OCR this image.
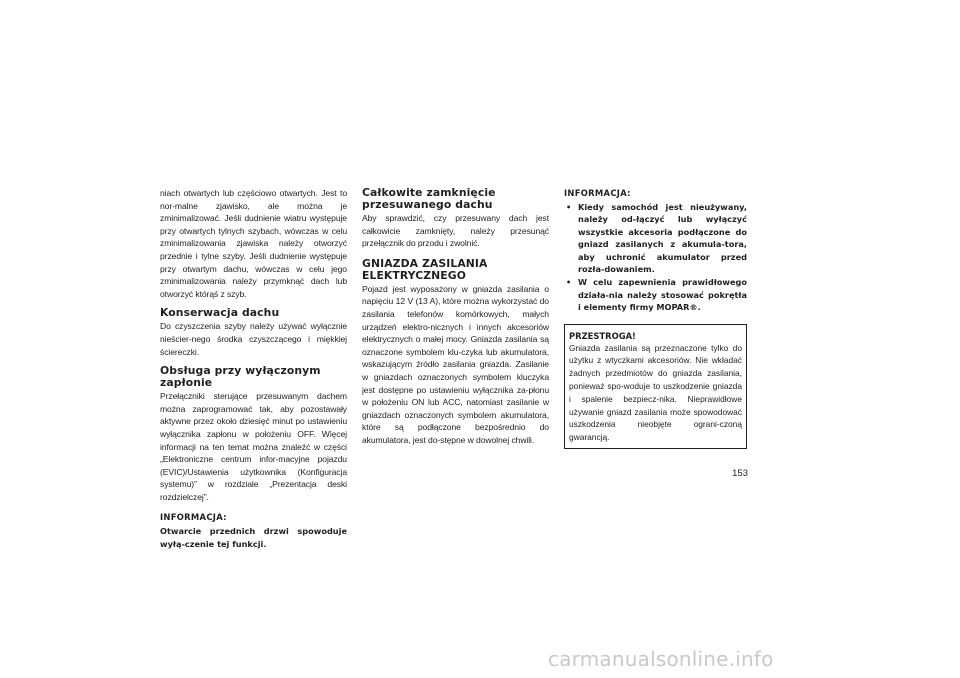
niach otwartych lub częściowo otwartych. Jest to nor-malne zjawisko, ale można je zminimalizować. Jeśli dudnienie wiatru występuje przy otwartych tylnych szybach, wówczas w celu zminimalizowania zjawiska należy otworzyć przednie i tylne szyby. Jeśli dudnienie występuje przy otwartym dachu, wówczas w celu jego zminimalizowania należy przymknąć dach lub otworzyć którąś z szyb.

Konserwacja dachu

Do czyszczenia szyby należy używać wyłącznie nieścier-nego środka czyszczącego i miękkiej ściereczki.

Obsługa przy wyłączonym zapłonie

Przełączniki sterujące przesuwanym dachem można zaprogramować tak, aby pozostawały aktywne przez około dziesięć minut po ustawieniu wyłącznika zapłonu w położeniu OFF. Więcej informacji na ten temat można znaleźć w części „Elektroniczne centrum infor-macyjne pojazdu (EVIC)/Ustawienia użytkownika (Konfiguracja systemu)” w rozdziale „Prezentacja deski rozdzielczej”.

INFORMACJA:

Otwarcie przednich drzwi spowoduje wyłą-czenie tej funkcji.

Całkowite zamknięcie przesuwanego dachu

Aby sprawdzić, czy przesuwany dach jest całkowicie zamknięty, należy przesunąć przełącznik do przodu i zwolnić.

GNIAZDA ZASILANIA ELEKTRYCZNEGO

Pojazd jest wyposażony w gniazda zasilania o napięciu 12 V (13 A), które można wykorzystać do zasilania telefonów komórkowych, małych urządzeń elektro-nicznych i innych akcesoriów elektrycznych o małej mocy. Gniazda zasilania są oznaczone symbolem klu-czyka lub akumulatora, wskazującym źródło zasilania gniazda. Zasilanie w gniazdach oznaczonych symbolem kluczyka jest dostępne po ustawieniu wyłącznika za-płonu w położeniu ON lub ACC, natomiast zasilanie w gniazdach oznaczonych symbolem akumulatora, które są podłączone bezpośrednio do akumulatora, jest do-stępne w dowolnej chwili.

INFORMACJA:
• Kiedy samochód jest nieużywany, należy od-łączyć lub wyłączyć wszystkie akcesoria podłączone do gniazd zasilanych z akumula-tora, aby uchronić akumulator przed rozła-dowaniem.
• W celu zapewnienia prawidłowego działa-nia należy stosować pokrętła i elementy firmy MOPAR®.

PRZESTROGA!

Gniazda zasilania są przeznaczone tylko do użytku z wtyczkami akcesoriów. Nie wkładać żadnych przedmiotów do gniazda zasilania, ponieważ spo-woduje to uszkodzenie gniazda i spalenie bezpiecz-nika. Nieprawidłowe używanie gniazd zasilania może spowodować uszkodzenia nieobjęte ograni-czoną gwarancją.

153
carmanualsonline.info
